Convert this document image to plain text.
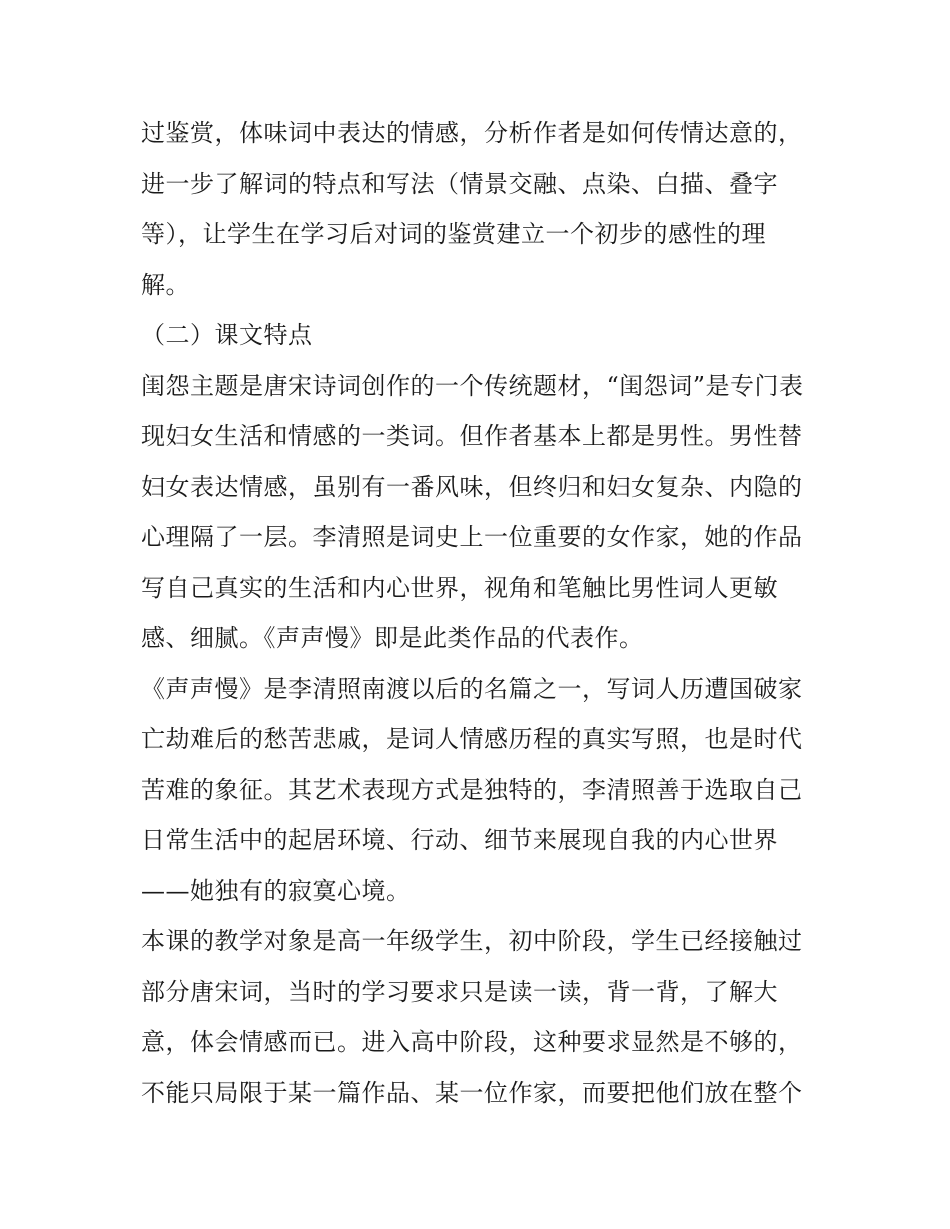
过鉴赏，体味词中表达的情感，分析作者是如何传情达意的，
进一步了解词的特点和写法（情景交融、点染、白描、叠字
等），让学生在学习后对词的鉴赏建立一个初步的感性的理
解。
（二）课文特点
闺怨主题是唐宋诗词创作的一个传统题材，“闺怨词”是专门表
现妇女生活和情感的一类词。但作者基本上都是男性。男性替
妇女表达情感，虽别有一番风味，但终归和妇女复杂、内隐的
心理隔了一层。李清照是词史上一位重要的女作家，她的作品
写自己真实的生活和内心世界，视角和笔触比男性词人更敏
感、细腻。《声声慢》即是此类作品的代表作。
《声声慢》是李清照南渡以后的名篇之一，写词人历遭国破家
亡劫难后的愁苦悲戚，是词人情感历程的真实写照，也是时代
苦难的象征。其艺术表现方式是独特的，李清照善于选取自己
日常生活中的起居环境、行动、细节来展现自我的内心世界
——她独有的寂寞心境。
本课的教学对象是高一年级学生，初中阶段，学生已经接触过
部分唐宋词，当时的学习要求只是读一读，背一背，了解大
意，体会情感而已。进入高中阶段，这种要求显然是不够的，
不能只局限于某一篇作品、某一位作家，而要把他们放在整个
